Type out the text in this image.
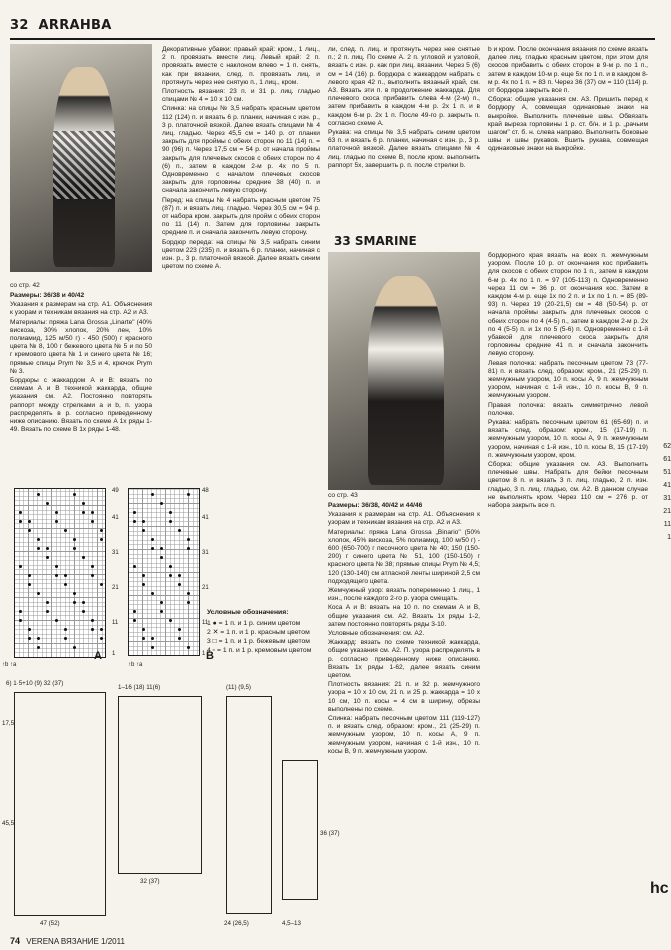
32 ARRAHBA
со стр. 42

Размеры: 36/38 и 40/42

Указания к размерам на стр. А1. Объяснения к узорам и техникам вязания на стр. А2 и А3.

Материалы: пряжа Lana Grossa „Linarte" (40% вискоза, 30% хлопок, 20% лен, 10% полиамид, 125 м/50 г) - 450 (500) г красного цвета № 8, 100 г бежевого цвета № 5 и по 50 г кремового цвета № 1 и синего цвета № 16; прямые спицы Prym № 3,5 и 4, крючок Prym № 3.

Бордюры с жаккардом А и В: вязать по схемам А и В техникой жаккарда, общие указания см. А2. Постоянно повторять раппорт между стрелками a и b, п. узора распределять в р. согласно приведенному ниже описанию. Вязать по схеме А 1х ряды 1-49. Вязать по схеме В 1х ряды 1-48.

Декоративные убавки: правый край: кром., 1 лиц., 2 п. провязать вместе лиц. Левый край: 2 п. провязать вместе с наклоном влево = 1 п. снять, как при вязании, след. п. провязать лиц. и протянуть через нее снятую п., 1 лиц., кром.

Плотность вязания: 23 п. и 31 р. лиц. гладью спицами № 4 = 10 х 10 см.

Спинка: на спицы № 3,5 набрать красным цветом 112 (124) п. и вязать 6 р. планки, начиная с изн. р., 3 р. платочной вязкой. Далее вязать спицами № 4 лиц. гладью. Через 45,5 см = 140 р. от планки закрыть для проймы с обеих сторон по 11 (14) п. = 90 (96) п. Через 17,5 см = 54 р. от начала проймы закрыть для плечевых скосов с обеих сторон по 4 (6) п., затем в каждом 2-м р. 4х по 5 п. Одновременно с началом плечевых скосов закрыть для горловины средние 38 (40) п. и сначала закончить левую сторону.

Перед: на спицы № 4 набрать красным цветом 75 (87) п. и вязать лиц. гладью. Через 30,5 см = 94 р. от набора кром. закрыть для пройм с обеих сторон по 11 (14) п. Затем для горловины закрыть средние п. и сначала закончить левую сторону.

Бордюр переда: на спицы № 3,5 набрать синим цветом 223 (235) п. и вязать 6 р. планки, начиная с изн. р., 3 р. платочной вязкой. Далее вязать синим цветом по схеме А.

ли, след. п. лиц. и протянуть через нее снятые п.; 2 п. лиц. По схеме А. 2 п. угловой и узловой, вязать с изн. р. как при лиц. вязании. Через 5 (6) см = 14 (16) р. бордюра с жаккардом набрать с левого края 42 п., выполнить вязаный край, см. А3. Вязать эти п. в продолжение жаккарда. Для плечевого скоса прибавить слева 4-м (2-м) п., затем прибавить в каждом 4-м р. 2х 1 п. и в каждом 6-м р. 2х 1 п. После 49-го р. закрыть п. согласно схеме А.

Рукава: на спицы № 3,5 набрать синим цветом 63 п. и вязать 6 р. планки, начиная с изн. р., 3 р. платочной вязкой. Далее вязать спицами № 4 лиц. гладью по схеме В, после кром. выполнить раппорт 5х, завершить р. п. после стрелки b.

b и кром. После окончания вязания по схеме вязать далее лиц. гладью красным цветом, при этом для скосов прибавить с обеих сторон в 9-м р. по 1 п., затем в каждом 10-м р. еще 5х по 1 п. и в каждом 8-м р. 4х по 1 п. = 83 п. Через 36 (37) см = 110 (114) р. от бордюра закрыть все п.

Сборка: общие указания см. А3. Пришить перед к бордюру А, совмещая одинаковые знаки на выкройке. Выполнить плечевые швы. Обвязать край выреза горловины 1 р. ст. б/н. и 1 р. „рачьим шагом" ст. б. н. слева направо. Выполнить боковые швы и швы рукавов. Вшить рукава, совмещая одинаковые знаки на выкройке.

33 SMARINE
со стр. 43

Размеры: 36/38, 40/42 и 44/46

Указания к размерам на стр. А1. Объяснения к узорам и техникам вязания на стр. А2 и А3.

Материалы: пряжа Lana Grossa „Binario" (50% хлопок, 45% вискоза, 5% полиамид, 100 м/50 г) - 600 (650-700) г песочного цвета № 40; 150 (150-200) г синего цвета № 51, 100 (150-150) г красного цвета № 38; прямые спицы Prym № 4,5; 120 (130-140) см атласной ленты шириной 2,5 см подходящего цвета.

Жемчужный узор: вязать попеременно 1 лиц., 1 изн., после каждого 2-го р. узора смещать.

Коса А и В: вязать на 10 п. по схемам А и В, общие указания см. А2. Вязать 1х ряды 1-2, затем постоянно повторять ряды 3-10.

Условные обозначения: см. А2.

Жаккард: вязать по схеме техникой жаккарда, общие указания см. А2. П. узора распределять в р. согласно приведенному ниже описанию. Вязать 1х ряды 1-62, далее вязать синим цветом.

Плотность вязания: 21 п. и 32 р. жемчужного узора = 10 х 10 см, 21 п. и 25 р. жаккарда = 10 х 10 см, 10 п. косы = 4 см в ширину, обрезы выполнены по схеме.

Спинка: набрать песочным цветом 111 (119-127) п. и вязать след. образом: кром., 21 (25-29) п. жемчужным узором, 10 п. косы А, 9 п. жемчужным узором, начиная с 1-й изн., 10 п. косы В, 9 п. жемчужным узором.

бордюрного края вязать на всех п. жемчужным узором. После 10 р. от окончания кос прибавить для скосов с обеих сторон по 1 п., затем в каждом 6-м р. 4х по 1 п. = 97 (105-113) п. Одновременно через 11 см = 36 р. от окончания кос. Затем в каждом 4-м р. еще 1х по 2 п. и 1х по 1 п. = 85 (89-93) п. Через 19 (20-21,5) см = 48 (50-54) р. от начала проймы закрыть для плечевых скосов с обеих сторон по 4 (4-5) п., затем в каждом 2-м р. 2х по 4 (5-5) п. и 1х по 5 (5-6) п. Одновременно с 1-й убавкой для плечевого скоса закрыть для горловины средние 41 п. и сначала закончить левую сторону.

Левая полочка: набрать песочным цветом 73 (77-81) п. и вязать след. образом: кром., 21 (25-29) п. жемчужным узором, 10 п. косы А, 9 п. жемчужным узором, начиная с 1-й изн., 10 п. косы В, 9 п. жемчужным узором.

Правая полочка: вязать симметрично левой полочке.

Рукава: набрать песочным цветом 61 (65-69) п. и вязать след. образом: кром., 15 (17-19) п. жемчужным узором, 10 п. косы А, 9 п. жемчужным узором, начиная с 1-й изн., 10 п. косы В, 15 (17-19) п. жемчужным узором, кром.

Сборка: общие указания см. А3. Выполнить плечевые швы. Набрать для бейки песочным цветом 8 п. и вязать 3 п. лиц. гладью, 2 п. изн. гладью, 3 п. лиц. гладью, см. А2. В данном случае не выполнять кром. Через 110 см = 276 р. от набора закрыть все п.

A
↑b ↑a
49
41
31
21
11
1	B
↑b ↑a
48
41
31
21
11
1
Условные обозначения:
1 ● = 1 п. и 1 р. синим цветом
2 ✕ = 1 п. и 1 р. красным цветом
3 □ = 1 п. и 1 р. бежевым цветом
4 ▫ = 1 п. и 1 р. кремовым цветом
6) 1·5+10 (9) 32 (37)
17,5
45,5
47 (52)
1–16 (18) 11(6)
32 (37)
(11) (9,5)
24 (26,5)	4,5–13
36 (37)
62
61
51
41
31
21
11
1
hc
74 VERENA ВЯЗАНИЕ 1/2011
